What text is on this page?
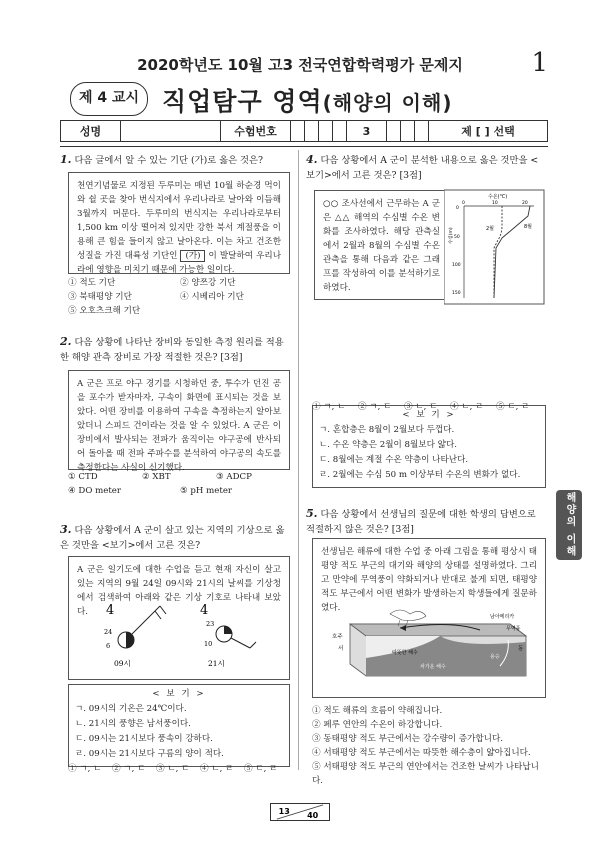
2020학년도 10월 고3 전국연합학력평가 문제지	1
제 4 교시 직업탐구 영역(해양의 이해)
성명	수험번호	3	제 [ ] 선택
1. 다음 글에서 알 수 있는 기단 (가)로 옳은 것은?
천연기념물로 지정된 두루미는 매년 10월 하순경 먹이와 쉴 곳을 찾아 번식지에서 우리나라로 날아와 이듬해 3월까지 머문다. 두루미의 번식지는 우리나라로부터 1,500 km 이상 떨어져 있지만 강한 북서 계절풍을 이용해 큰 힘을 들이지 않고 날아온다. 이는 차고 건조한 성질을 가진 대륙성 기단인 (가) 이 발달하여 우리나라에 영향을 미치기 때문에 가능한 일이다.
① 적도 기단	② 양쯔강 기단
③ 북태평양 기단	④ 시베리아 기단
⑤ 오호츠크해 기단
2. 다음 상황에 나타난 장비와 동일한 측정 원리를 적용한 해양 관측 장비로 가장 적절한 것은? [3점]
A 군은 프로 야구 경기를 시청하던 중, 투수가 던진 공을 포수가 받자마자, 구속이 화면에 표시되는 것을 보았다. 어떤 장비를 이용하여 구속을 측정하는지 알아보았더니 스피드 건이라는 것을 알 수 있었다. A 군은 이 장비에서 발사되는 전파가 움직이는 야구공에 반사되어 돌아올 때 전파 주파수를 분석하여 야구공의 속도를 측정한다는 사실이 신기했다.
① CTD	② XBT	③ ADCP
④ DO meter	⑤ pH meter
3. 다음 상황에서 A 군이 살고 있는 지역의 기상으로 옳은 것만을 <보기>에서 고른 것은?
A 군은 일기도에 대한 수업을 듣고 현재 자신이 살고 있는 지역의 9월 24일 09시와 21시의 날씨를 기상청에서 검색하여 아래와 같은 기상 기호로 나타내 보았다.	4
24
6
09시
4
23
10
21시
< 보 기 >
ㄱ. 09시의 기온은 24℃이다.
ㄴ. 21시의 풍향은 남서풍이다.
ㄷ. 09시는 21시보다 풍속이 강하다.
ㄹ. 09시는 21시보다 구름의 양이 적다.
① ㄱ, ㄴ	② ㄱ, ㄷ	③ ㄴ, ㄷ	④ ㄴ, ㄹ	⑤ ㄷ, ㄹ
4. 다음 상황에서 A 군이 분석한 내용으로 옳은 것만을 <보기>에서 고른 것은? [3점]
○○ 조사선에서 근무하는 A 군은 △△ 해역의 수심별 수온 변화를 조사하였다. 해당 관측실에서 2월과 8월의 수심별 수온 관측을 통해 다음과 같은 그래프를 작성하여 이를 분석하기로 하였다.
수온(℃)
0	10	20
수심(m)
0
50
100
150
2월	8월
< 보 기 >
ㄱ. 혼합층은 8월이 2월보다 두껍다.
ㄴ. 수온 약층은 2월이 8월보다 얇다.
ㄷ. 8월에는 계절 수온 약층이 나타난다.
ㄹ. 2월에는 수심 50 m 이상부터 수온의 변화가 없다.
① ㄱ, ㄴ	② ㄱ, ㄷ	③ ㄴ, ㄷ	④ ㄴ, ㄹ	⑤ ㄷ, ㄹ
해양의 이해
5. 다음 상황에서 선생님의 질문에 대한 학생의 답변으로 적절하지 않은 것은? [3점]
선생님은 해류에 대한 수업 중 아래 그림을 통해 평상시 태평양 적도 부근의 대기와 해양의 상태를 설명하였다. 그리고 만약에 무역풍이 약화되거나 반대로 불게 되면, 태평양 적도 부근에서 어떤 변화가 발생하는지 학생들에게 질문하였다.
호주
서	동
남아메리카
무역풍
따뜻한 해수
차가운 해수
용승
① 적도 해류의 흐름이 약해집니다.
② 페루 연안의 수온이 하강합니다.
③ 동태평양 적도 부근에서는 강수량이 증가합니다.
④ 서태평양 적도 부근에서는 따뜻한 해수층이 얇아집니다.
⑤ 서태평양 적도 부근의 연안에서는 건조한 날씨가 나타납니다.
13 40
